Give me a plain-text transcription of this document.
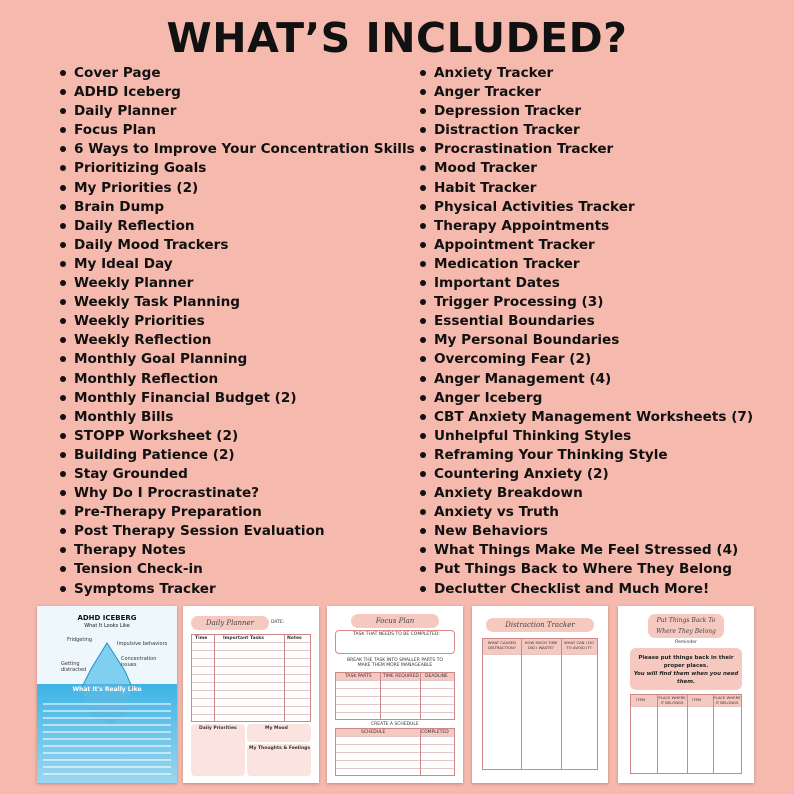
WHAT’S INCLUDED?
Cover Page
ADHD Iceberg
Daily Planner
Focus Plan
6 Ways to Improve Your Concentration Skills
Prioritizing Goals
My Priorities (2)
Brain Dump
Daily Reflection
Daily Mood Trackers
My Ideal Day
Weekly Planner
Weekly Task Planning
Weekly Priorities
Weekly Reflection
Monthly Goal Planning
Monthly Reflection
Monthly Financial Budget (2)
Monthly Bills
STOPP Worksheet (2)
Building Patience (2)
Stay Grounded
Why Do I Procrastinate?
Pre-Therapy Preparation
Post Therapy Session Evaluation
Therapy Notes
Tension Check-in
Symptoms Tracker
Anxiety Tracker
Anger Tracker
Depression Tracker
Distraction Tracker
Procrastination Tracker
Mood Tracker
Habit Tracker
Physical Activities Tracker
Therapy Appointments
Appointment Tracker
Medication Tracker
Important Dates
Trigger Processing (3)
Essential Boundaries
My Personal Boundaries
Overcoming Fear (2)
Anger Management (4)
Anger Iceberg
CBT Anxiety Management Worksheets (7)
Unhelpful Thinking Styles
Reframing Your Thinking Style
Countering Anxiety (2)
Anxiety Breakdown
Anxiety vs Truth
New Behaviors
What Things Make Me Feel Stressed (4)
Put Things Back to Where They Belong
Declutter Checklist and Much More!
ADHD ICEBERG
What It Looks Like
Fridgeting
Impulsive behaviors
Getting distracted
Concentration issues
What It's Really Like
Daily Planner	DATE:
Time	Important Tasks	Notes
Daily Priorities	My Mood
My Thoughts & Feelings
Focus Plan
TASK THAT NEEDS TO BE COMPLETED:
BREAK THE TASK INTO SMALLER PARTS TO MAKE THEM MORE MANAGEABLE
TASK PARTS	TIME REQUIRED DEADLINE
CREATE A SCHEDULE
SCHEDULE	COMPLETED
Distraction Tracker
WHAT CAUSED DISTRACTION?
HOW MUCH TIME DID I WASTE?
WHAT CAN I DO TO AVOID IT?
Put Things Back To Where They Belong
Reminder
Please put things back in their proper places.
You will find them when you need them.
ITEM	PLACE WHERE IT BELONGS
ITEM	PLACE WHERE IT BELONGS
